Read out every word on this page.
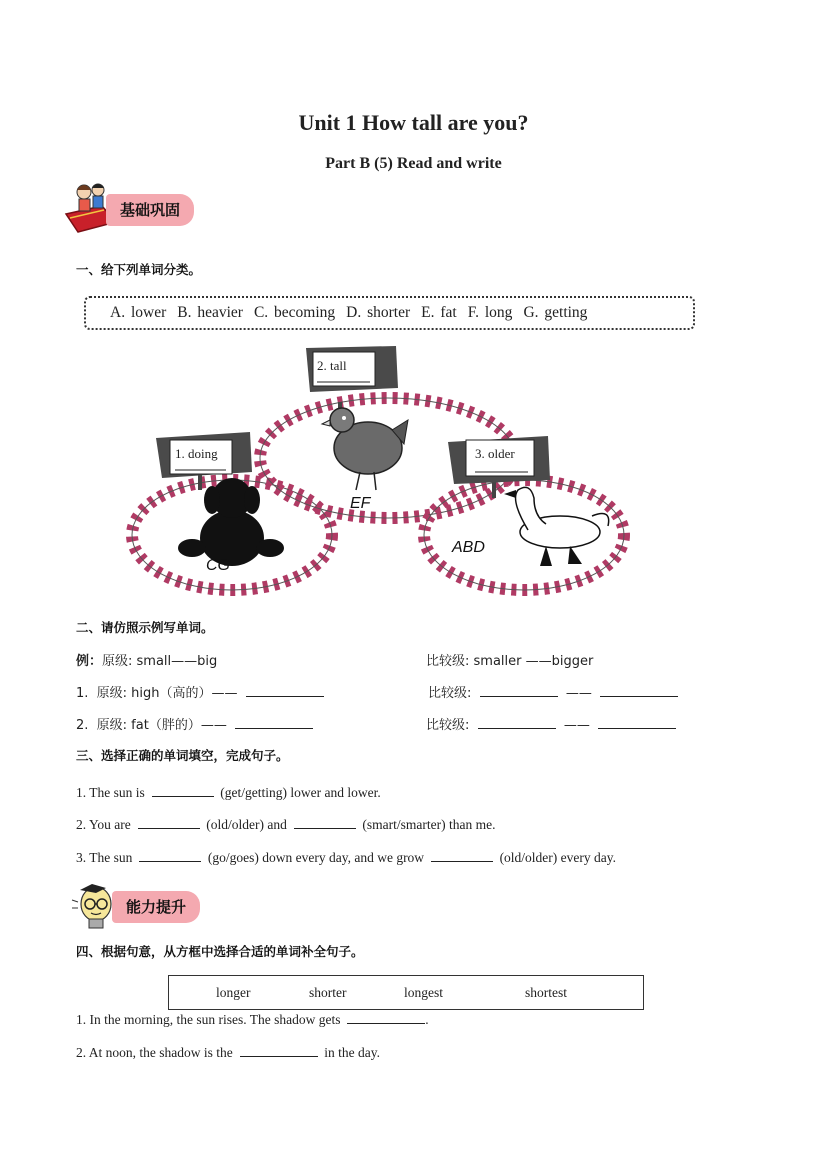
Unit 1 How tall are you?
Part B (5) Read and write
基础巩固
一、给下列单词分类。
A. lower B. heavier C. becoming D. shorter E. fat F. long G. getting
2. tall
1. doing	3. older
EF
CG
ABD
二、请仿照示例写单词。
例：原级: small——big	比较级: smaller ——bigger
1. 原级: high（高的）——	比较级:	——
2. 原级: fat（胖的）——	比较级:	——
三、选择正确的单词填空，完成句子。
1. The sun is	(get/getting) lower and lower.
2. You are	(old/older) and	(smart/smarter) than me.
3. The sun	(go/goes) down every day, and we grow	(old/older) every day.
能力提升
四、根据句意，从方框中选择合适的单词补全句子。
longer	shorter	longest	shortest
1. In the morning, the sun rises. The shadow gets	.
2. At noon, the shadow is the	in the day.
